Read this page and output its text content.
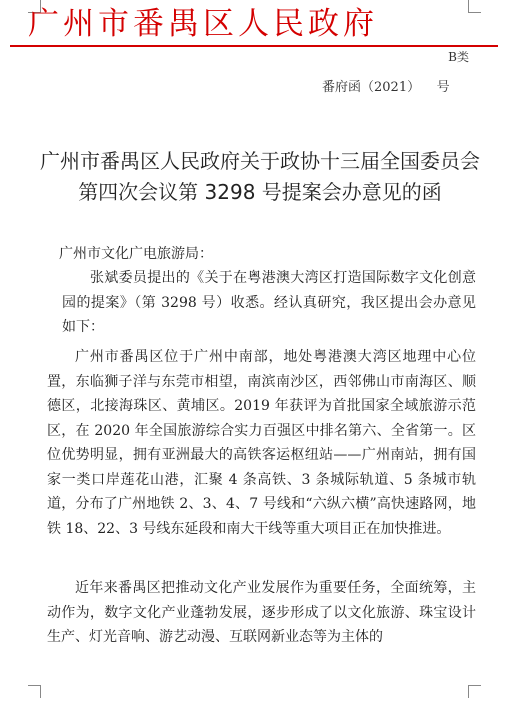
广州市番禺区人民政府
B类
番府函（2021）    号
广州市番禺区人民政府关于政协十三届全国委员会第四次会议第 3298 号提案会办意见的函
广州市文化广电旅游局：
张斌委员提出的《关于在粤港澳大湾区打造国际数字文化创意园的提案》（第 3298 号）收悉。经认真研究，我区提出会办意见如下：
广州市番禺区位于广州中南部，地处粤港澳大湾区地理中心位置，东临狮子洋与东莞市相望，南滨南沙区，西邻佛山市南海区、顺德区，北接海珠区、黄埔区。2019 年获评为首批国家全域旅游示范区，在 2020 年全国旅游综合实力百强区中排名第六、全省第一。区位优势明显，拥有亚洲最大的高铁客运枢纽站——广州南站，拥有国家一类口岸莲花山港，汇聚 4 条高铁、3 条城际轨道、5 条城市轨道，分布了广州地铁 2、3、4、7 号线和“六纵六横”高快速路网，地铁 18、22、3 号线东延段和南大干线等重大项目正在加快推进。
近年来番禺区把推动文化产业发展作为重要任务，全面统筹，主动作为，数字文化产业蓬勃发展，逐步形成了以文化旅游、珠宝设计生产、灯光音响、游艺动漫、互联网新业态等为主体的
